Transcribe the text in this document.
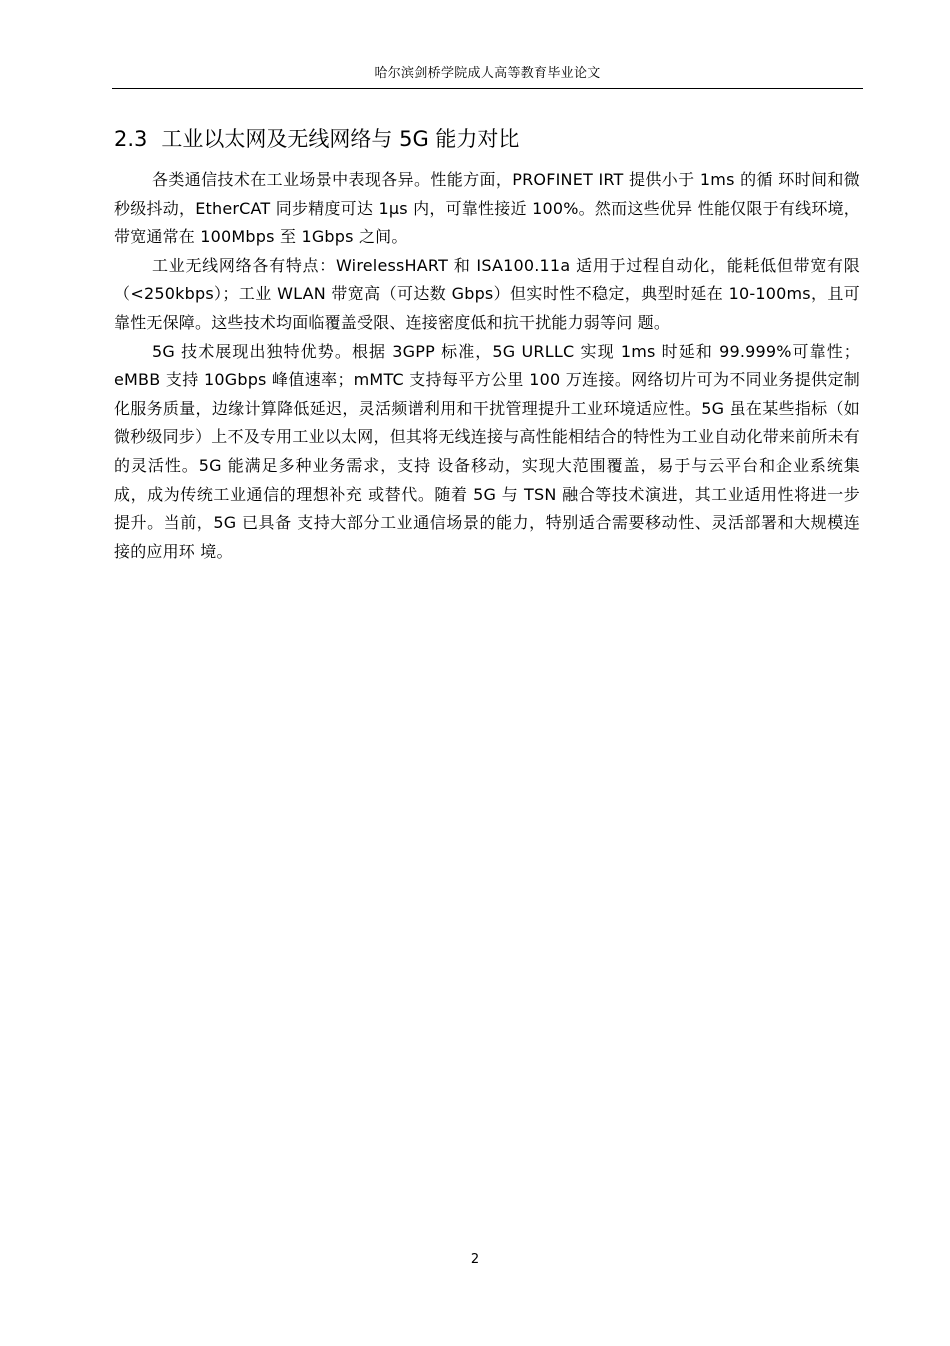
哈尔滨剑桥学院成人高等教育毕业论文
2.3 工业以太网及无线网络与 5G 能力对比

各类通信技术在工业场景中表现各异。性能方面，PROFINET IRT 提供小于 1ms 的循 环时间和微秒级抖动，EtherCAT 同步精度可达 1μs 内，可靠性接近 100%。然而这些优异 性能仅限于有线环境，带宽通常在 100Mbps 至 1Gbps 之间。

工业无线网络各有特点：WirelessHART 和 ISA100.11a 适用于过程自动化，能耗低但带宽有限（<250kbps）；工业 WLAN 带宽高（可达数 Gbps）但实时性不稳定，典型时延在 10-100ms，且可靠性无保障。这些技术均面临覆盖受限、连接密度低和抗干扰能力弱等问 题。

5G 技术展现出独特优势。根据 3GPP 标准，5G URLLC 实现 1ms 时延和 99.999%可靠性；eMBB 支持 10Gbps 峰值速率；mMTC 支持每平方公里 100 万连接。网络切片可为不同业务提供定制化服务质量，边缘计算降低延迟，灵活频谱利用和干扰管理提升工业环境适应性。5G 虽在某些指标（如微秒级同步）上不及专用工业以太网，但其将无线连接与高性能相结合的特性为工业自动化带来前所未有的灵活性。5G 能满足多种业务需求，支持 设备移动，实现大范围覆盖，易于与云平台和企业系统集成，成为传统工业通信的理想补充 或替代。随着 5G 与 TSN 融合等技术演进，其工业适用性将进一步提升。当前，5G 已具备 支持大部分工业通信场景的能力，特别适合需要移动性、灵活部署和大规模连接的应用环 境。

2
